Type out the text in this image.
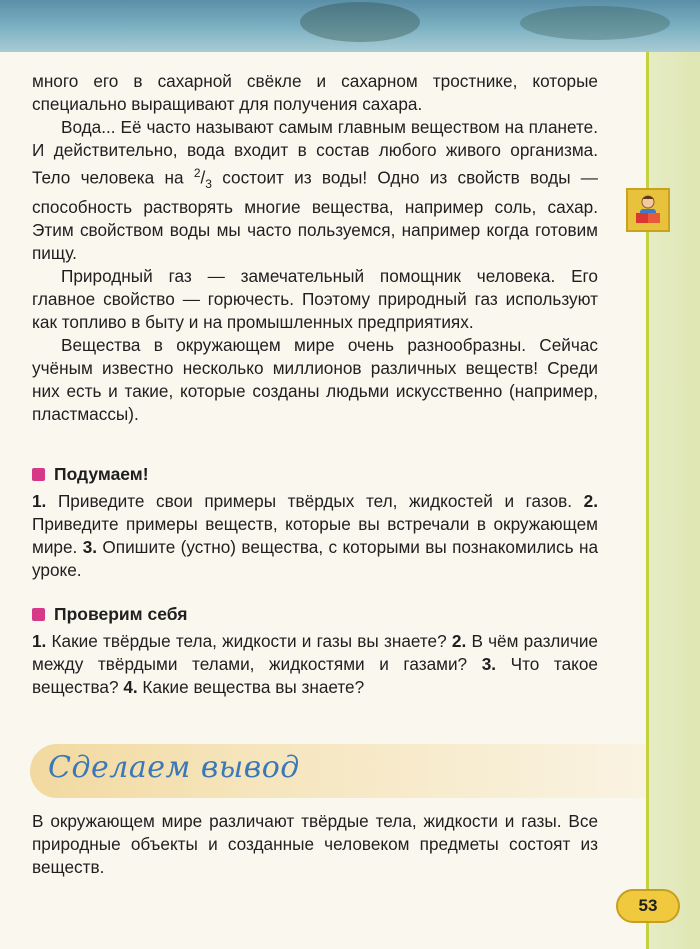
много его в сахарной свёкле и сахарном тростнике, которые специально выращивают для получения сахара.

Вода... Её часто называют самым главным веществом на планете. И действительно, вода входит в состав любого живого организма. Тело человека на $^2/_3$ состоит из воды! Одно из свойств воды — способность растворять многие вещества, например соль, сахар. Этим свойством воды мы часто пользуемся, например когда готовим пищу.

Природный газ — замечательный помощник человека. Его главное свойство — горючесть. Поэтому природный газ используют как топливо в быту и на промышленных предприятиях.

Вещества в окружающем мире очень разнообразны. Сейчас учёным известно несколько миллионов различных веществ! Среди них есть и такие, которые созданы людьми искусственно (например, пластмассы).

Подумаем!
1. Приведите свои примеры твёрдых тел, жидкостей и газов. 2. Приведите примеры веществ, которые вы встречали в окружающем мире. 3. Опишите (устно) вещества, с которыми вы познакомились на уроке.
Проверим себя
1. Какие твёрдые тела, жидкости и газы вы знаете? 2. В чём различие между твёрдыми телами, жидкостями и газами? 3. Что такое вещества? 4. Какие вещества вы знаете?
Сделаем вывод
В окружающем мире различают твёрдые тела, жидкости и газы. Все природные объекты и созданные человеком предметы состоят из веществ.
53
